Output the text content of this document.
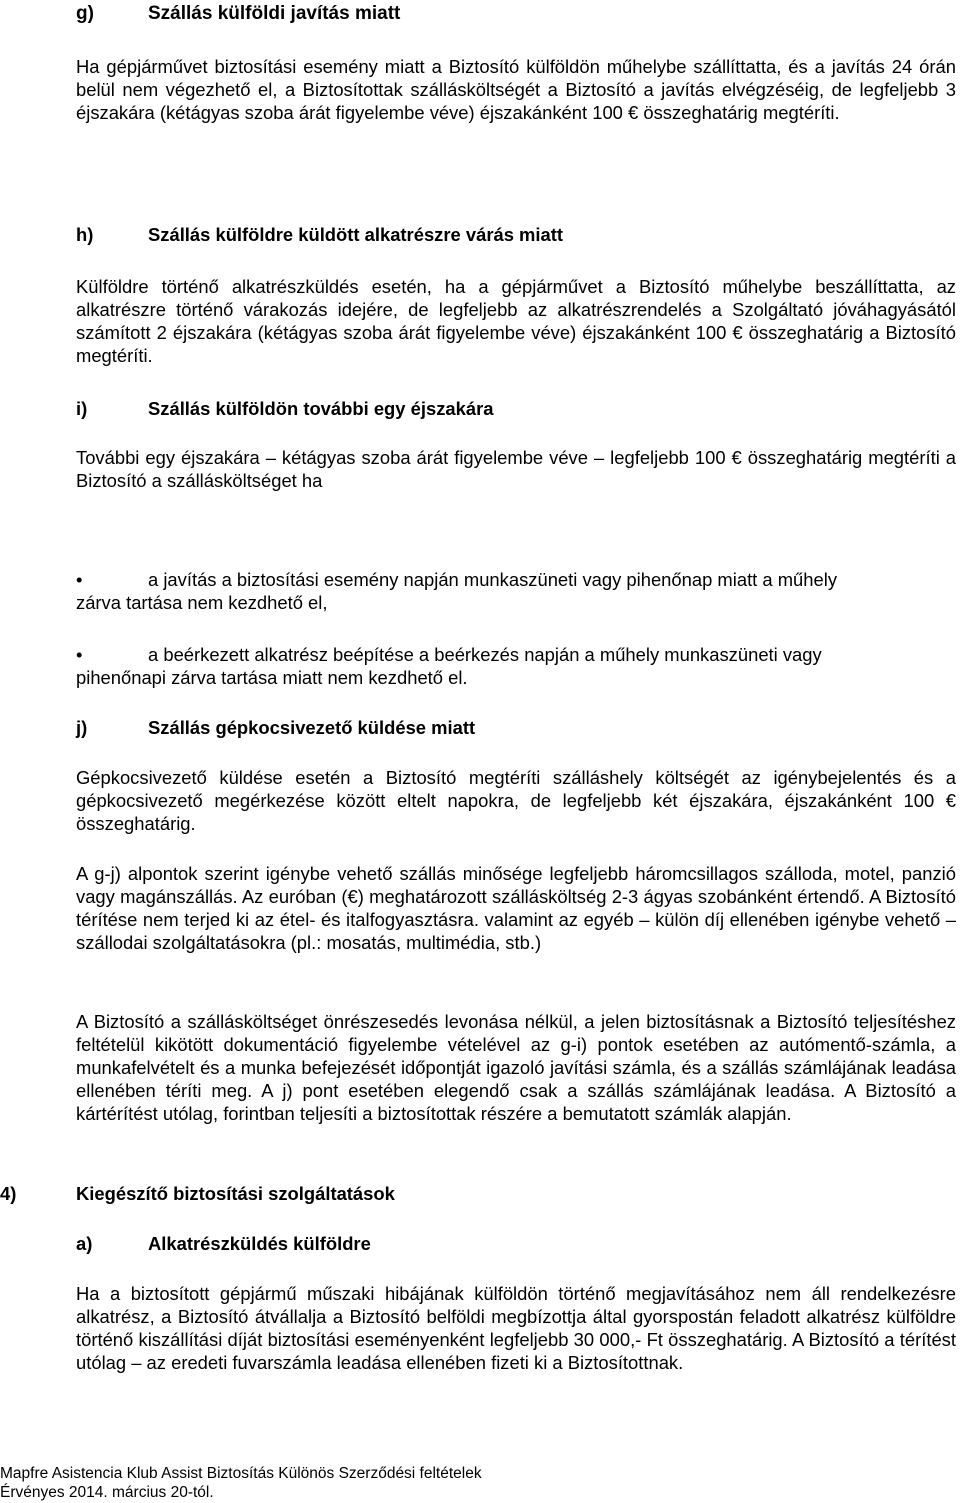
g)	Szállás külföldi javítás miatt

Ha gépjárművet biztosítási esemény miatt a Biztosító külföldön műhelybe szállíttatta, és a javítás 24 órán belül nem végezhető el, a Biztosítottak szállásköltségét a Biztosító a javítás elvégzéséig, de legfeljebb 3 éjszakára (kétágyas szoba árát figyelembe véve) éjszakánként 100 € összeghatárig megtéríti.

h)	Szállás külföldre küldött alkatrészre várás miatt

Külföldre történő alkatrészküldés esetén, ha a gépjárművet a Biztosító műhelybe beszállíttatta, az alkatrészre történő várakozás idejére, de legfeljebb az alkatrészrendelés a Szolgáltató jóváhagyásától számított 2 éjszakára (kétágyas szoba árát figyelembe véve) éjszakánként 100 € összeghatárig a Biztosító megtéríti.

i)	Szállás külföldön további egy éjszakára

További egy éjszakára – kétágyas szoba árát figyelembe véve – legfeljebb 100 € összeghatárig megtéríti a Biztosító a szállásköltséget ha

•	a javítás a biztosítási esemény napján munkaszüneti vagy pihenőnap miatt a műhely
zárva tartása nem kezdhető el,
•	a beérkezett alkatrész beépítése a beérkezés napján a műhely munkaszüneti vagy
pihenőnapi zárva tartása miatt nem kezdhető el.
j)	Szállás gépkocsivezető küldése miatt

Gépkocsivezető küldése esetén a Biztosító megtéríti szálláshely költségét az igénybejelentés és a gépkocsivezető megérkezése között eltelt napokra, de legfeljebb két éjszakára, éjszakánként 100 € összeghatárig.

A g-j) alpontok szerint igénybe vehető szállás minősége legfeljebb háromcsillagos szálloda, motel, panzió vagy magánszállás. Az euróban (€) meghatározott szállásköltség 2-3 ágyas szobánként értendő. A Biztosító térítése nem terjed ki az étel- és italfogyasztásra. valamint az egyéb – külön díj ellenében igénybe vehető – szállodai szolgáltatásokra (pl.: mosatás, multimédia, stb.)

A Biztosító a szállásköltséget önrészesedés levonása nélkül, a jelen biztosításnak a Biztosító teljesítéshez feltételül kikötött dokumentáció figyelembe vételével az g-i) pontok esetében az autómentő-számla, a munkafelvételt és a munka befejezését időpontját igazoló javítási számla, és a szállás számlájának leadása ellenében téríti meg. A j) pont esetében elegendő csak a szállás számlájának leadása. A Biztosító a kártérítést utólag, forintban teljesíti a biztosítottak részére a bemutatott számlák alapján.

4)	Kiegészítő biztosítási szolgáltatások
a)	Alkatrészküldés külföldre

Ha a biztosított gépjármű műszaki hibájának külföldön történő megjavításához nem áll rendelkezésre alkatrész, a Biztosító átvállalja a Biztosító belföldi megbízottja által gyorspostán feladott alkatrész külföldre történő kiszállítási díját biztosítási eseményenként legfeljebb 30 000,- Ft összeghatárig. A Biztosító a térítést utólag – az eredeti fuvarszámla leadása ellenében fizeti ki a Biztosítottnak.

Mapfre Asistencia Klub Assist Biztosítás Különös Szerződési feltételek
Érvényes 2014. március 20-tól.
